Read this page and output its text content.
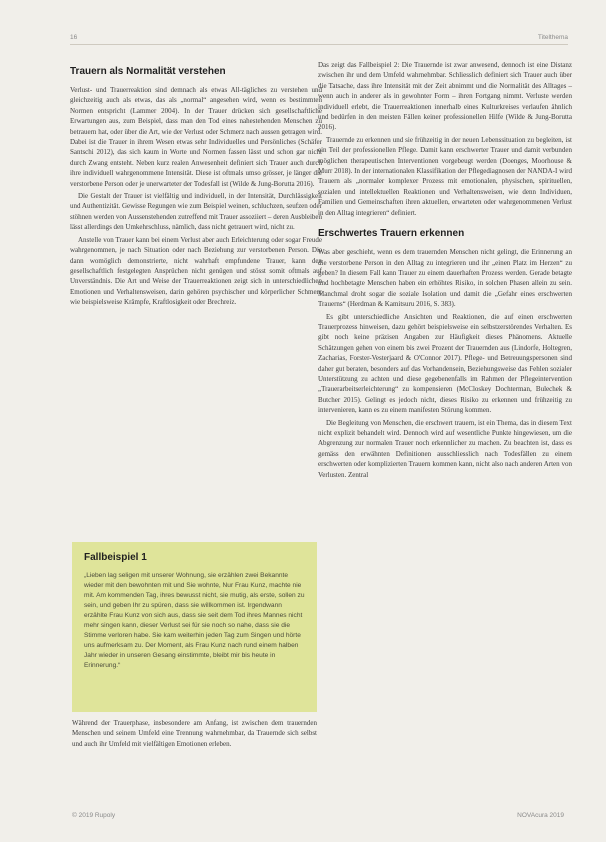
16	Titelthema
Trauern als Normalität verstehen

Verlust- und Trauerreaktion sind demnach als etwas All-tägliches zu verstehen und gleichzeitig auch als etwas, das als „normal“ angesehen wird, wenn es bestimmten Normen entspricht (Lammer 2004). In der Trauer drücken sich gesellschaftliche Erwartungen aus, zum Beispiel, dass man den Tod eines nahestehenden Menschen zu betrauern hat, oder über die Art, wie der Verlust oder Schmerz nach aussen getragen wird. Dabei ist die Trauer in ihrem Wesen etwas sehr Individuelles und Persönliches (Schäfer Santschi 2012), das sich kaum in Worte und Normen fassen lässt und schon gar nicht durch Zwang entsteht. Neben kurz realen Anwesenheit definiert sich Trauer auch durch ihre individuell wahrgenommene Intensität. Diese ist oftmals umso grösser, je länger die verstorbene Person oder je unerwarteter der Todesfall ist (Wilde & Jung-Borutta 2016).

Die Gestalt der Trauer ist vielfältig und individuell, in der Intensität, Durchlässigkeit und Authentizität. Gewisse Regungen wie zum Beispiel weinen, schluchzen, seufzen oder stöhnen werden von Aussenstehenden zutreffend mit Trauer assoziiert – deren Ausbleiben lässt allerdings den Umkehrschluss, nämlich, dass nicht getrauert wird, nicht zu.

Anstelle von Trauer kann bei einem Verlust aber auch Erleichterung oder sogar Freude wahrgenommen, je nach Situation oder nach Beziehung zur verstorbenen Person. Die dann womöglich demonstrierte, nicht wahrhaft empfundene Trauer, kann den gesellschaftlich festgelegten Ansprüchen nicht genügen und stösst somit oftmals auf Unverständnis. Die Art und Weise der Trauerreaktionen zeigt sich in unterschiedlichen Emotionen und Verhaltensweisen, darin gehören psychischer und körperlicher Schmerz wie beispielsweise Krämpfe, Kraftlosigkeit oder Brechreiz.

Fallbeispiel 1

„Lieben lag seligen mit unserer Wohnung, sie erzählen zwei Bekannte wieder mit den bewohnten mit und Sie wohnte, Nur Frau Kunz, machte nie mit. Am kommenden Tag, ihres bewusst nicht, sie mutig, als erste, sollen zu sein, und geben Ihr zu spüren, dass sie willkommen ist. Irgendwann erzählte Frau Kunz von sich aus, dass sie seit dem Tod ihres Mannes nicht mehr singen kann, dieser Verlust sei für sie noch so nahe, dass sie die Stimme verloren habe. Sie kam weiterhin jeden Tag zum Singen und hörte uns aufmerksam zu. Der Moment, als Frau Kunz nach rund einem halben Jahr wieder in unseren Gesang einstimmte, bleibt mir bis heute in Erinnerung.“

Während der Trauerphase, insbesondere am Anfang, ist zwischen dem trauernden Menschen und seinem Umfeld eine Trennung wahrnehmbar, da Trauernde sich selbst und auch ihr Umfeld mit vielfältigen Emotionen erleben.

Das zeigt das Fallbeispiel 2: Die Trauernde ist zwar anwesend, dennoch ist eine Distanz zwischen ihr und dem Umfeld wahrnehmbar. Schliesslich definiert sich Trauer auch über die Tatsache, dass ihre Intensität mit der Zeit abnimmt und die Normalität des Alltages – wenn auch in anderer als in gewohnter Form – ihren Fortgang nimmt. Verluste werden individuell erlebt, die Trauerreaktionen innerhalb eines Kulturkreises verlaufen ähnlich und bedürfen in den meisten Fällen keiner professionellen Hilfe (Wilde & Jung-Borutta 2016).

Trauernde zu erkennen und sie frühzeitig in der neuen Lebenssituation zu begleiten, ist ein Teil der professionellen Pflege. Damit kann erschwerter Trauer und damit verbunden möglichen therapeutischen Interventionen vorgebeugt werden (Doenges, Moorhouse & Murr 2018). In der internationalen Klassifikation der Pflegediagnosen der NANDA-I wird Trauern als „normaler komplexer Prozess mit emotionalen, physischen, spirituellen, sozialen und intellektuellen Reaktionen und Verhaltensweisen, wie denn Individuen, Familien und Gemeinschaften ihren aktuellen, erwarteten oder wahrgenommenen Verlust in den Alltag integrieren“ definiert.

Erschwertes Trauern erkennen

Was aber geschieht, wenn es dem trauernden Menschen nicht gelingt, die Erinnerung an die verstorbene Person in den Alltag zu integrieren und ihr „einen Platz im Herzen“ zu geben? In diesem Fall kann Trauer zu einem dauerhaften Prozess werden. Gerade betagte und hochbetagte Menschen haben ein erhöhtes Risiko, in solchen Phasen allein zu sein. Manchmal droht sogar die soziale Isolation und damit die „Gefahr eines erschwerten Trauerns“ (Herdman & Kamitsuru 2016, S. 383).

Es gibt unterschiedliche Ansichten und Reaktionen, die auf einen erschwerten Trauerprozess hinweisen, dazu gehört beispielsweise ein selbstzerstörendes Verhalten. Es gibt noch keine präzisen Angaben zur Häufigkeit dieses Phänomens. Aktuelle Schätzungen gehen von einem bis zwei Prozent der Trauernden aus (Lindorfe, Holtegren, Zacharias, Forster-Vesterjaard & O'Connor 2017). Pflege- und Betreuungspersonen sind daher gut beraten, besonders auf das Vorhandensein, Beziehungsweise das Fehlen sozialer Unterstützung zu achten und diese gegebenenfalls im Rahmen der Pflegeintervention „Trauerarbeitserleichterung“ zu kompensieren (McCloskey Dochterman, Bulechek & Butcher 2015). Gelingt es jedoch nicht, dieses Risiko zu erkennen und frühzeitig zu intervenieren, kann es zu einem manifesten Störung kommen.

Die Begleitung von Menschen, die erschwert trauern, ist ein Thema, das in diesem Text nicht explizit behandelt wird. Dennoch wird auf wesentliche Punkte hingewiesen, um die Abgrenzung zur normalen Trauer noch erkennlicher zu machen. Zu beachten ist, dass es gemäss den erwähnten Definitionen ausschliesslich nach Todesfällen zu einem erschwerten oder komplizierten Trauern kommen kann, nicht also nach anderen Arten von Verlusten. Zentral

© 2019 Rupoly	NOVAcura 2019
